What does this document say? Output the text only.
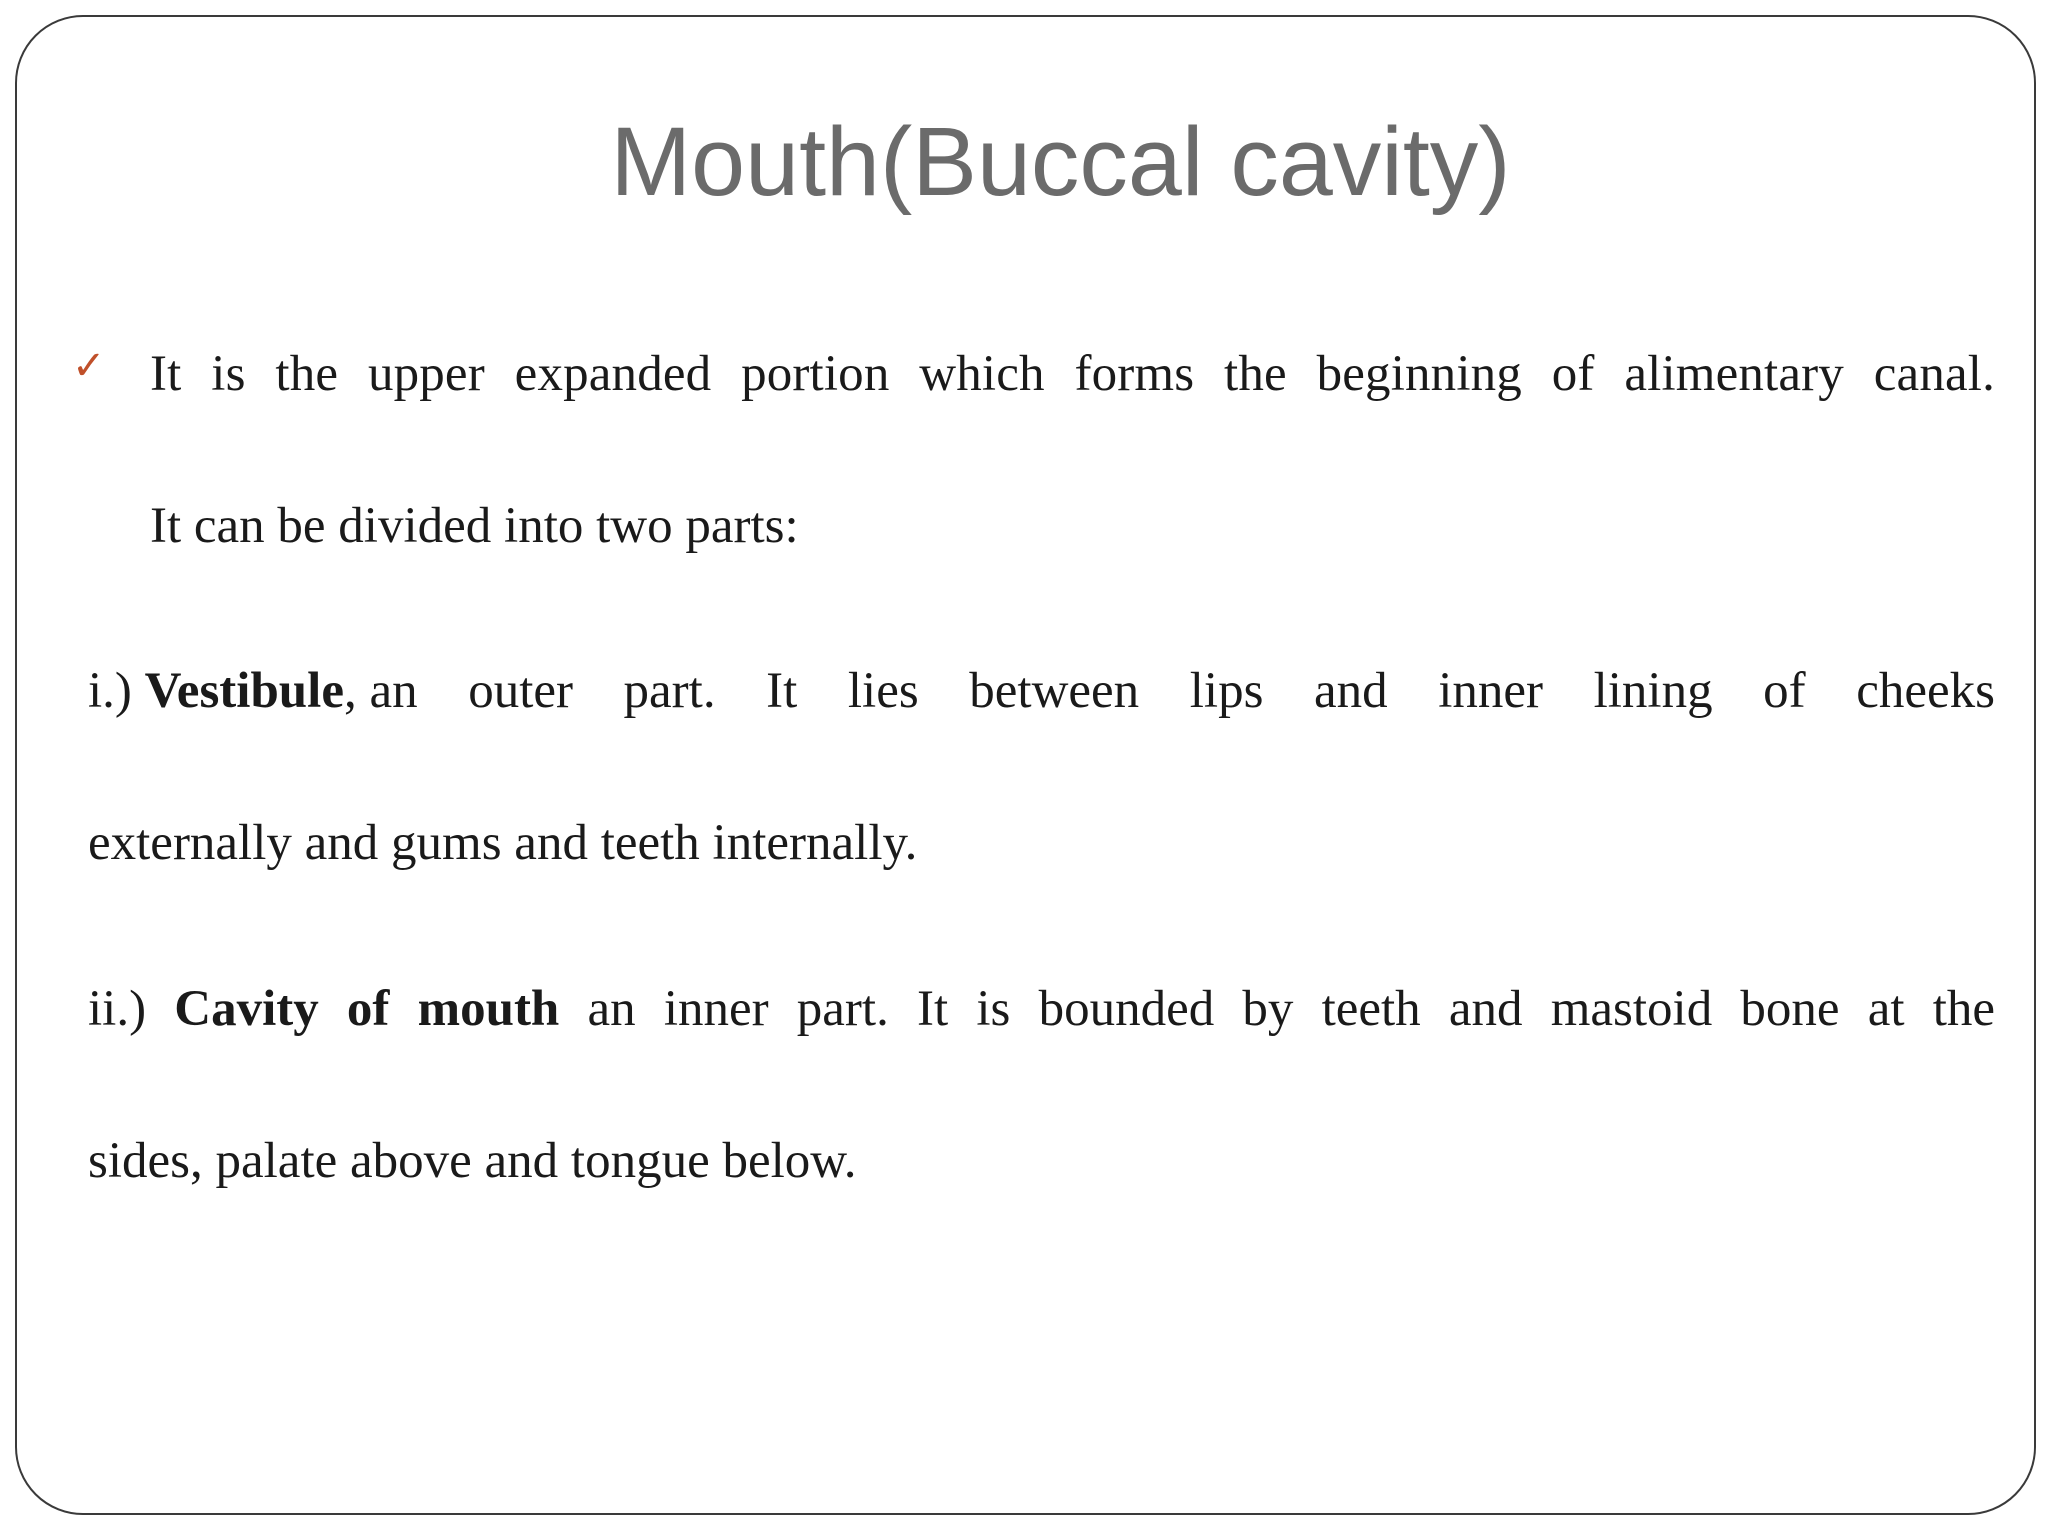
Mouth(Buccal cavity)
✓ It is the upper expanded portion which forms the beginning of alimentary canal.
It can be divided into two parts:
i.) Vestibule, an outer part. It lies between lips and inner lining of cheeks
externally and gums and teeth internally.
ii.) Cavity of mouth an inner part. It is bounded by teeth and mastoid bone at the
sides, palate above and tongue below.
